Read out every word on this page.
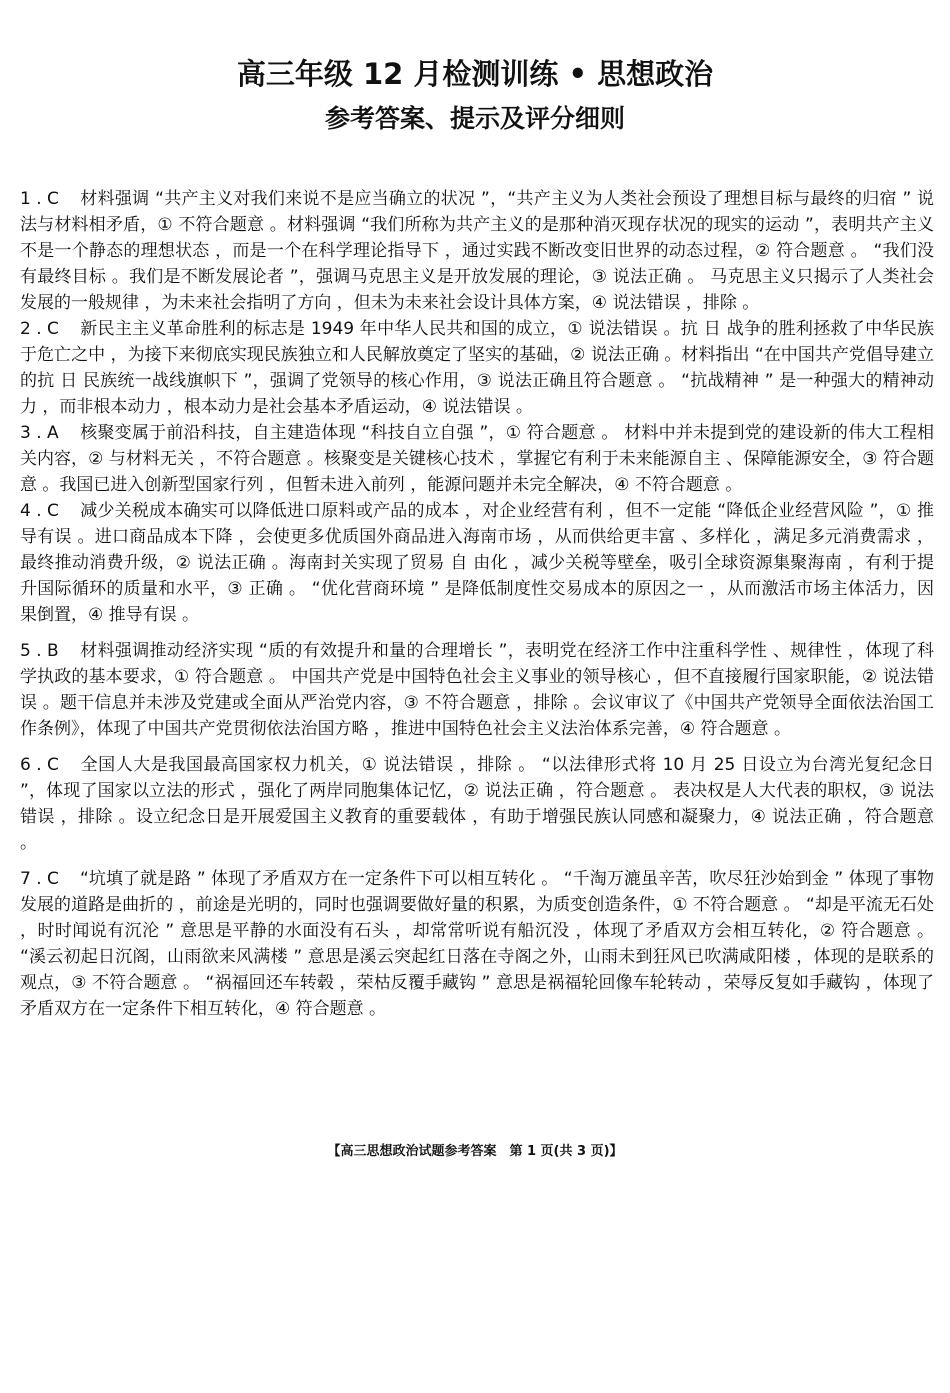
高三年级 12 月检测训练 • 思想政治
参考答案、提示及评分细则

1 . C 材料强调 “共产主义对我们来说不是应当确立的状况 ”，“共产主义为人类社会预设了理想目标与最终的归宿 ” 说法与材料相矛盾，① 不符合题意 。材料强调 “我们所称为共产主义的是那种消灭现存状况的现实的运动 ”，表明共产主义不是一个静态的理想状态 ，而是一个在科学理论指导下 ，通过实践不断改变旧世界的动态过程，② 符合题意 。 “我们没有最终目标 。我们是不断发展论者 ”，强调马克思主义是开放发展的理论，③ 说法正确 。 马克思主义只揭示了人类社会发展的一般规律 ，为未来社会指明了方向 ，但未为未来社会设计具体方案，④ 说法错误 ，排除 。

2 . C 新民主主义革命胜利的标志是 1949 年中华人民共和国的成立，① 说法错误 。抗 日 战争的胜利拯救了中华民族于危亡之中 ，为接下来彻底实现民族独立和人民解放奠定了坚实的基础，② 说法正确 。材料指出 “在中国共产党倡导建立的抗 日 民族统一战线旗帜下 ”，强调了党领导的核心作用，③ 说法正确且符合题意 。 “抗战精神 ” 是一种强大的精神动力 ，而非根本动力 ，根本动力是社会基本矛盾运动，④ 说法错误 。

3 . A 核聚变属于前沿科技，自主建造体现 “科技自立自强 ”，① 符合题意 。 材料中并未提到党的建设新的伟大工程相关内容，② 与材料无关 ，不符合题意 。核聚变是关键核心技术 ，掌握它有利于未来能源自主 、保障能源安全，③ 符合题意 。我国已进入创新型国家行列 ，但暂未进入前列 ，能源问题并未完全解决，④ 不符合题意 。

4 . C 减少关税成本确实可以降低进口原料或产品的成本 ，对企业经营有利 ，但不一定能 “降低企业经营风险 ”，① 推导有误 。进口商品成本下降 ，会使更多优质国外商品进入海南市场 ，从而供给更丰富 、多样化 ，满足多元消费需求 ，最终推动消费升级，② 说法正确 。海南封关实现了贸易 自 由化 ，减少关税等壁垒，吸引全球资源集聚海南 ，有利于提升国际循环的质量和水平，③ 正确 。 “优化营商环境 ” 是降低制度性交易成本的原因之一 ，从而激活市场主体活力，因果倒置，④ 推导有误 。

5 . B 材料强调推动经济实现 “质的有效提升和量的合理增长 ”，表明党在经济工作中注重科学性 、规律性 ，体现了科学执政的基本要求，① 符合题意 。 中国共产党是中国特色社会主义事业的领导核心 ，但不直接履行国家职能，② 说法错误 。题干信息并未涉及党建或全面从严治党内容，③ 不符合题意 ，排除 。会议审议了《中国共产党领导全面依法治国工作条例》，体现了中国共产党贯彻依法治国方略 ，推进中国特色社会主义法治体系完善，④ 符合题意 。

6 . C 全国人大是我国最高国家权力机关，① 说法错误 ，排除 。 “以法律形式将 10 月 25 日设立为台湾光复纪念日 ”，体现了国家以立法的形式 ，强化了两岸同胞集体记忆，② 说法正确 ，符合题意 。 表决权是人大代表的职权，③ 说法错误 ，排除 。设立纪念日是开展爱国主义教育的重要载体 ，有助于增强民族认同感和凝聚力，④ 说法正确 ，符合题意 。

7 . C “坑填了就是路 ” 体现了矛盾双方在一定条件下可以相互转化 。 “千淘万漉虽辛苦，吹尽狂沙始到金 ” 体现了事物发展的道路是曲折的 ，前途是光明的，同时也强调要做好量的积累，为质变创造条件，① 不符合题意 。 “却是平流无石处 ，时时闻说有沉沦 ” 意思是平静的水面没有石头 ，却常常听说有船沉没 ，体现了矛盾双方会相互转化，② 符合题意 。 “溪云初起日沉阁，山雨欲来风满楼 ” 意思是溪云突起红日落在寺阁之外，山雨未到狂风已吹满咸阳楼 ，体现的是联系的观点，③ 不符合题意 。 “祸福回还车转毂 ，荣枯反覆手藏钩 ” 意思是祸福轮回像车轮转动 ，荣辱反复如手藏钩 ，体现了矛盾双方在一定条件下相互转化，④ 符合题意 。

【高三思想政治试题参考答案　第 1 页(共 3 页)】
